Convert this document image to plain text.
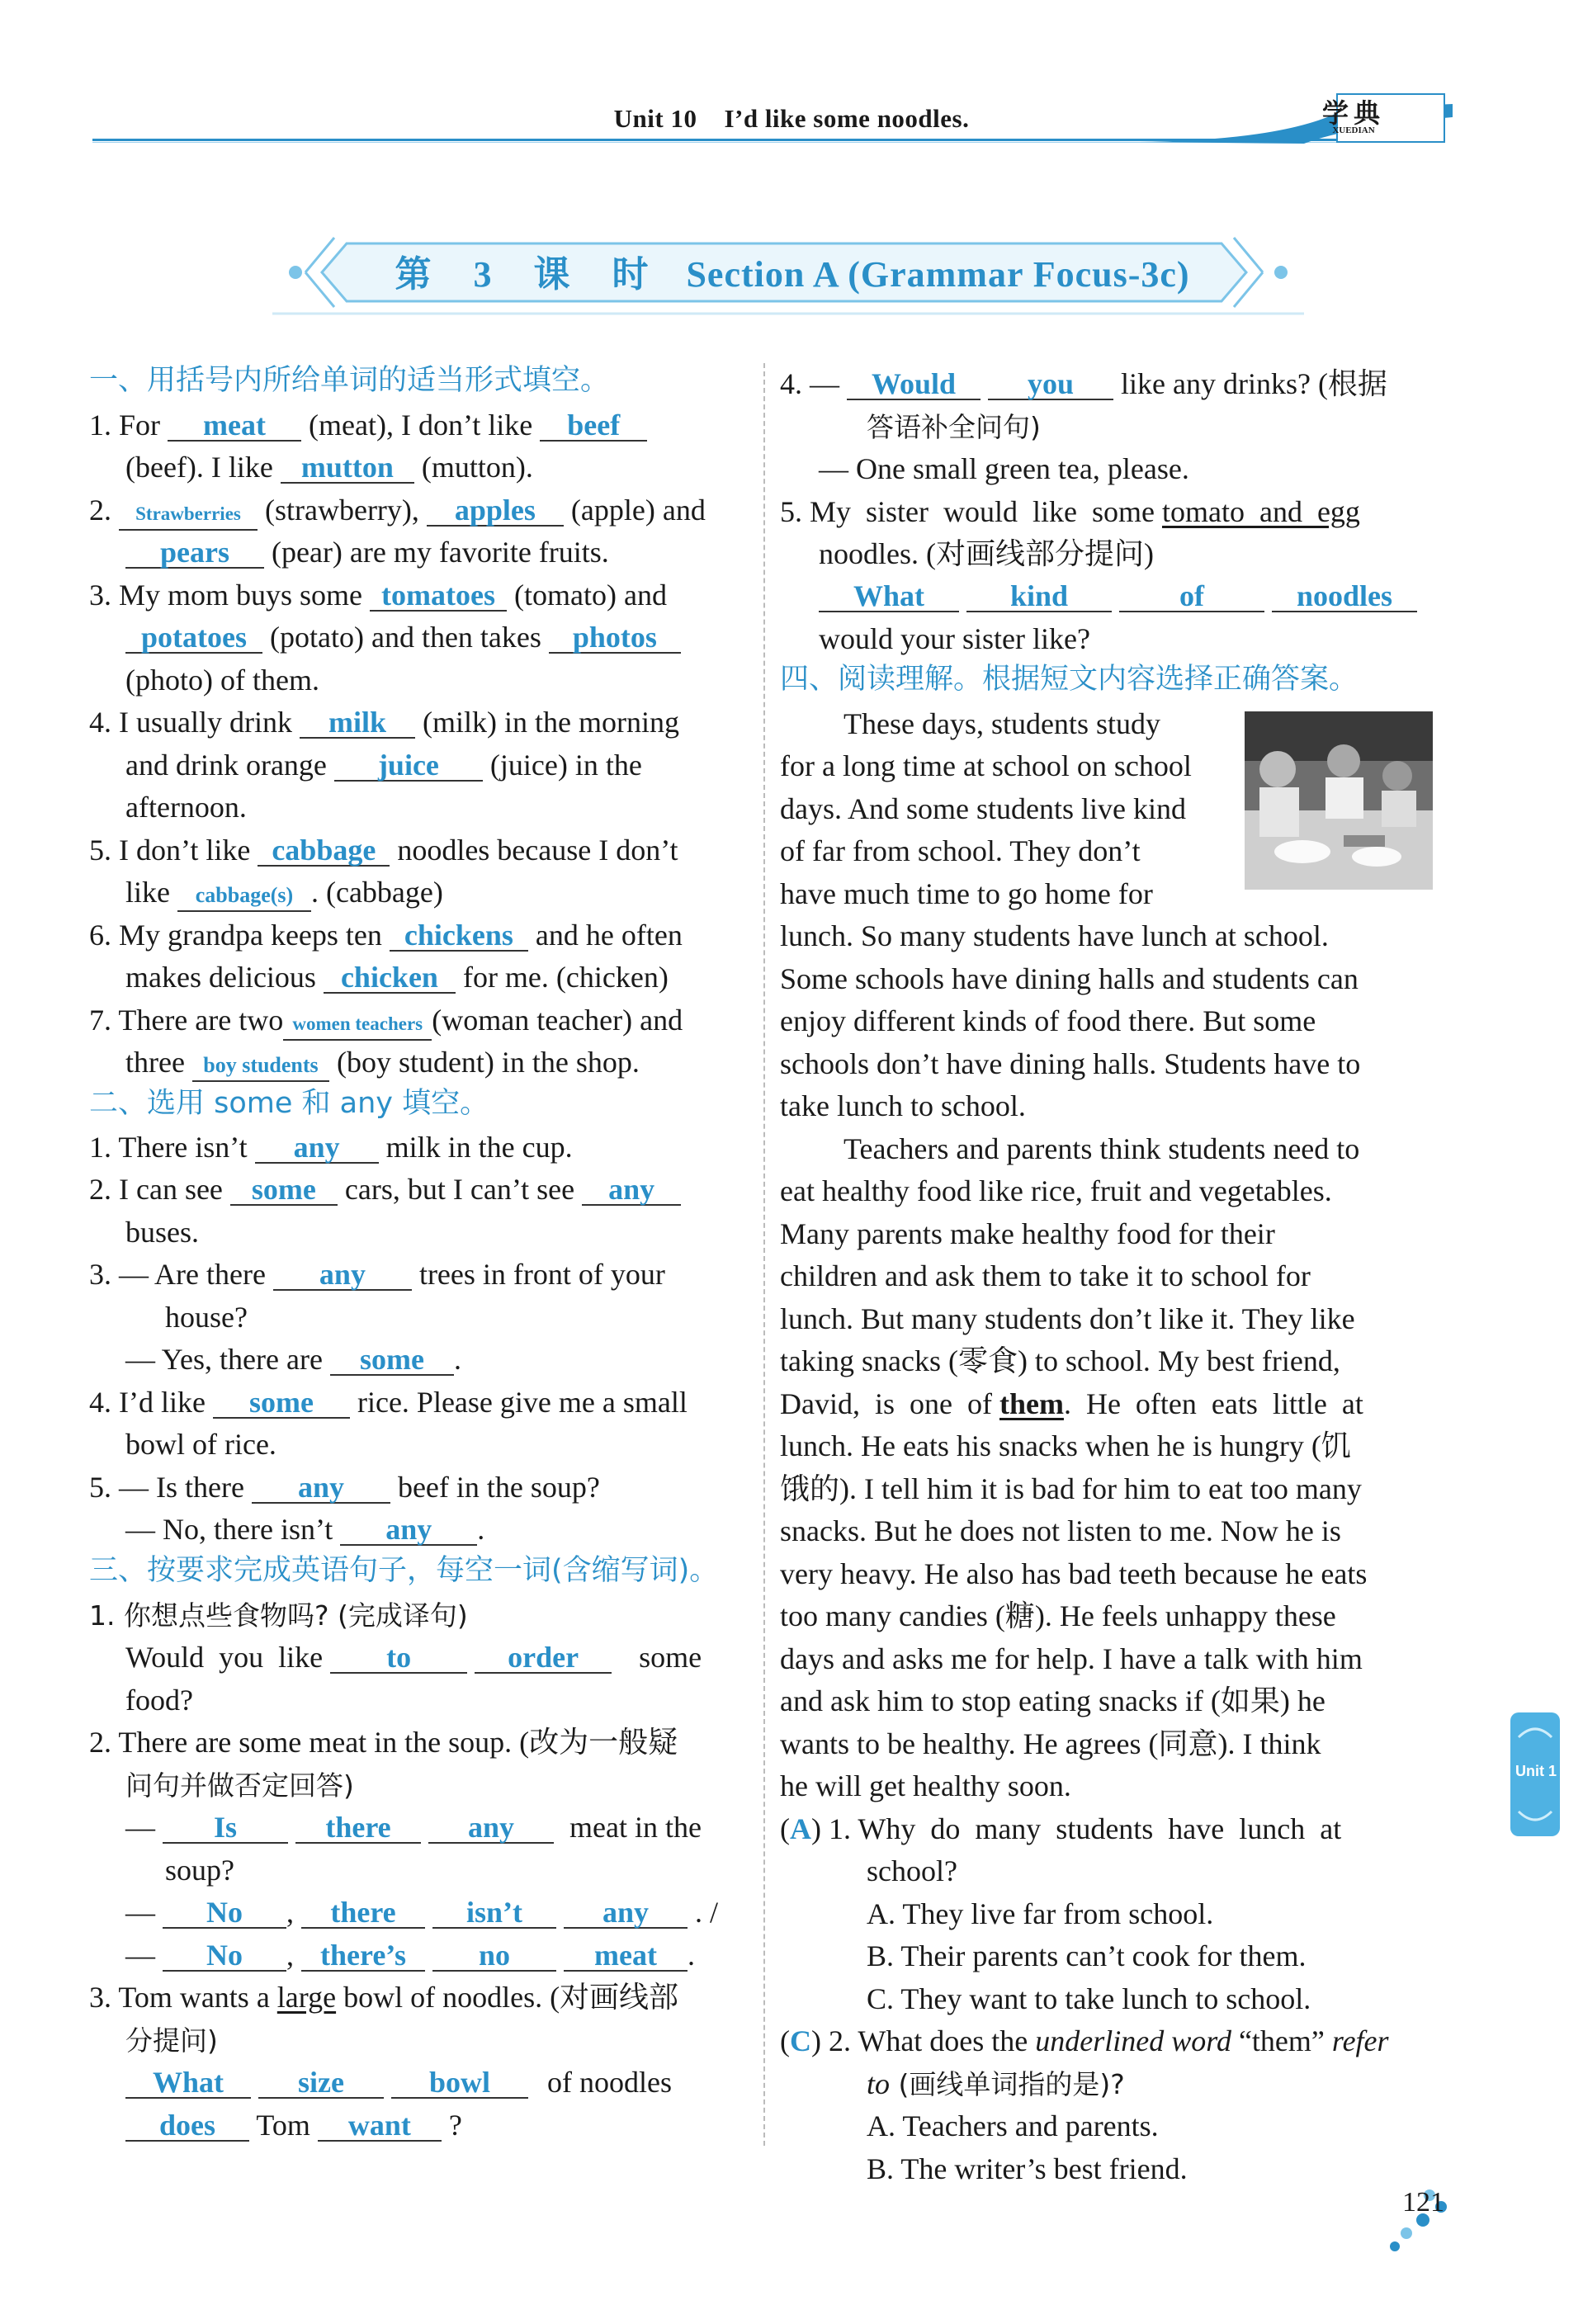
学典
XUEDIAN
Unit 10    I’d like some noodles.
第 3 课 时 Section A (Grammar Focus-3c)
一、用括号内所给单词的适当形式填空。
1. For meat (meat), I don’t like beef
(beef). I like mutton (mutton).
2. Strawberries (strawberry), apples (apple) and
pears (pear) are my favorite fruits.
3. My mom buys some tomatoes (tomato) and
potatoes (potato) and then takes photos
(photo) of them.
4. I usually drink milk (milk) in the morning
and drink orange juice (juice) in the
afternoon.
5. I don’t like cabbage noodles because I don’t
like cabbage(s) . (cabbage)
6. My grandpa keeps ten chickens and he often
makes delicious chicken for me. (chicken)
7. There are two women teachers (woman teacher) and
three boy students (boy student) in the shop.
二、选用 some 和 any 填空。
1. There isn’t any milk in the cup.
2. I can see some cars, but I can’t see any
buses.
3. — Are there any trees in front of your
house?
— Yes, there are some .
4. I’d like some rice. Please give me a small
bowl of rice.
5. — Is there any beef in the soup?
— No, there isn’t any .
三、按要求完成英语句子，每空一词(含缩写词)。
1. 你想点些食物吗? (完成译句)
Would  you  like to	order some
food?
2. There are some meat in the soup. (改为一般疑
问句并做否定回答)
— Is	there	any meat in the
soup?
— No , there isn’t	any . /
— No , there’s no	meat .
3. Tom wants a large bowl of noodles. (对画线部
分提问)
What	size	bowl of noodles
does Tom want ?
4. — Would you like any drinks? (根据
答语补全问句)
— One small green tea, please.
5. My  sister  would  like  some tomato  and  egg
noodles. (对画线部分提问)
What	kind	of	noodles
would your sister like?
四、阅读理解。根据短文内容选择正确答案。
These days, students study
for a long time at school on school
days. And some students live kind
of far from school. They don’t
have much time to go home for
lunch. So many students have lunch at school.
Some schools have dining halls and students can
enjoy different kinds of food there. But some
schools don’t have dining halls. Students have to
take lunch to school.
Teachers and parents think students need to
eat healthy food like rice, fruit and vegetables.
Many parents make healthy food for their
children and ask them to take it to school for
lunch. But many students don’t like it. They like
taking snacks (零食) to school. My best friend,
David,  is  one  of them.  He  often  eats  little  at
lunch. He eats his snacks when he is hungry (饥
饿的). I tell him it is bad for him to eat too many
snacks. But he does not listen to me. Now he is
very heavy. He also has bad teeth because he eats
too many candies (糖). He feels unhappy these
days and asks me for help. I have a talk with him
and ask him to stop eating snacks if (如果) he
wants to be healthy. He agrees (同意). I think
he will get healthy soon.
(A) 1. Why  do  many  students  have  lunch  at
school?
A. They live far from school.
B. Their parents can’t cook for them.
C. They want to take lunch to school.
(C) 2. What does the underlined word “them” refer
to (画线单词指的是)?
A. Teachers and parents.
B. The writer’s best friend.
Unit 1
121
